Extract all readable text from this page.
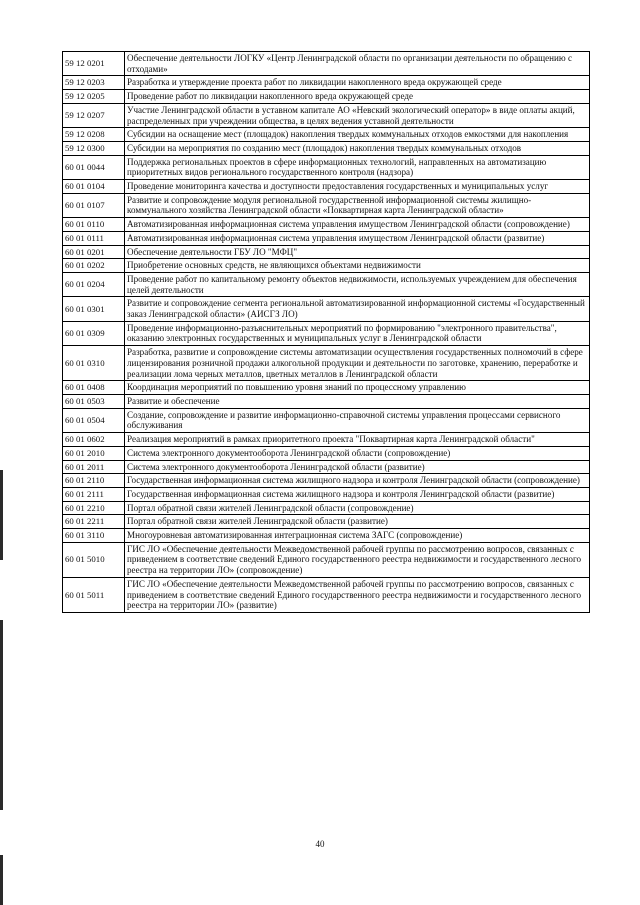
59 12 0201	Обеспечение деятельности ЛОГКУ «Центр Ленинградской области по организации деятельности по обращению с отходами»
59 12 0203	Разработка и утверждение проекта работ по ликвидации накопленного вреда окружающей среде
59 12 0205	Проведение работ по ликвидации накопленного вреда окружающей среде
59 12 0207	Участие Ленинградской области в уставном капитале АО «Невский экологический оператор» в виде оплаты акций, распределенных при учреждении общества, в целях ведения уставной деятельности
59 12 0208	Субсидии на оснащение мест (площадок) накопления твердых коммунальных отходов емкостями для накопления
59 12 0300	Субсидии на мероприятия по созданию мест (площадок) накопления твердых коммунальных отходов
60 01 0044	Поддержка региональных проектов в сфере информационных технологий, направленных на автоматизацию приоритетных видов регионального государственного контроля (надзора)
60 01 0104	Проведение мониторинга качества и доступности предоставления государственных и муниципальных услуг
60 01 0107	Развитие и сопровождение модуля региональной государственной информационной системы жилищно-коммунального хозяйства Ленинградской области «Поквартирная карта Ленинградской области»
60 01 0110	Автоматизированная информационная система управления имуществом Ленинградской области (сопровождение)
60 01 0111	Автоматизированная информационная система управления имуществом Ленинградской области (развитие)
60 01 0201	Обеспечение деятельности ГБУ ЛО "МФЦ"
60 01 0202	Приобретение основных средств, не являющихся объектами недвижимости
60 01 0204	Проведение работ по капитальному ремонту объектов недвижимости, используемых учреждением для обеспечения целей деятельности
60 01 0301	Развитие и сопровождение сегмента региональной автоматизированной информационной системы «Государственный заказ Ленинградской области» (АИСГЗ ЛО)
60 01 0309	Проведение информационно-разъяснительных мероприятий по формированию "электронного правительства", оказанию электронных государственных и муниципальных услуг в Ленинградской области
60 01 0310	Разработка, развитие и сопровождение системы автоматизации осуществления государственных полномочий в сфере лицензирования розничной продажи алкогольной продукции и деятельности по заготовке, хранению, переработке и реализации лома черных металлов, цветных металлов в Ленинградской области
60 01 0408	Координация мероприятий по повышению уровня знаний по процессному управлению
60 01 0503	Развитие и обеспечение
60 01 0504	Создание, сопровождение и развитие информационно-справочной системы управления процессами сервисного обслуживания
60 01 0602	Реализация мероприятий в рамках приоритетного проекта "Поквартирная карта Ленинградской области"
60 01 2010	Система электронного документооборота Ленинградской области (сопровождение)
60 01 2011	Система электронного документооборота Ленинградской области (развитие)
60 01 2110	Государственная информационная система жилищного надзора и контроля Ленинградской области (сопровождение)
60 01 2111	Государственная информационная система жилищного надзора и контроля Ленинградской области (развитие)
60 01 2210	Портал обратной связи жителей Ленинградской области (сопровождение)
60 01 2211	Портал обратной связи жителей Ленинградской области (развитие)
60 01 3110	Многоуровневая автоматизированная интеграционная система ЗАГС (сопровождение)
60 01 5010	ГИС ЛО «Обеспечение деятельности Межведомственной рабочей группы по рассмотрению вопросов, связанных с приведением в соответствие сведений Единого государственного реестра недвижимости и государственного лесного реестра на территории ЛО» (сопровождение)
60 01 5011	ГИС ЛО «Обеспечение деятельности Межведомственной рабочей группы по рассмотрению вопросов, связанных с приведением в соответствие сведений Единого государственного реестра недвижимости и государственного лесного реестра на территории ЛО» (развитие)
40
